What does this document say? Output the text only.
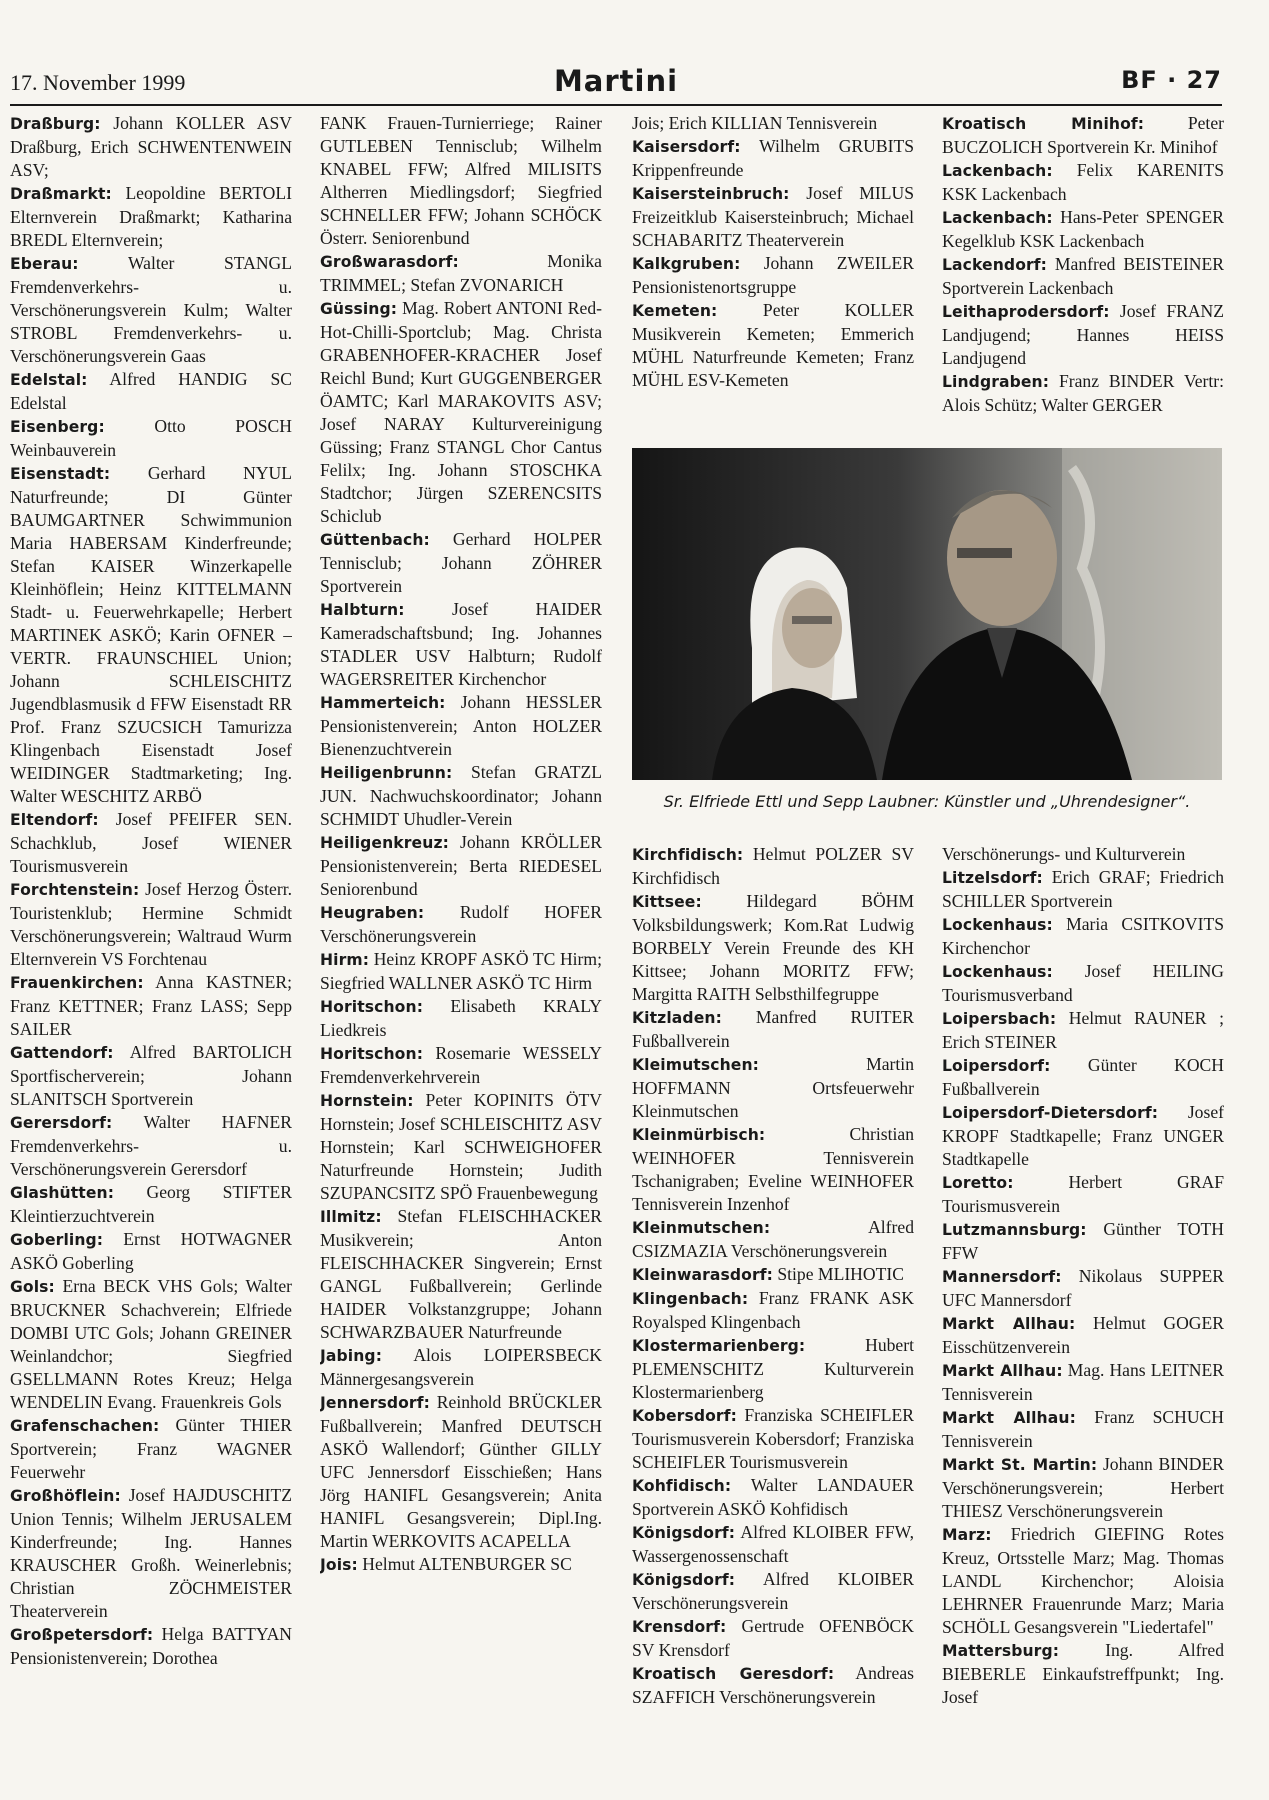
17. November 1999	Martini	BF · 27

Draßburg: Johann KOLLER ASV Draßburg, Erich SCHWENTENWEIN ASV;

Draßmarkt: Leopoldine BERTOLI Elternverein Draßmarkt; Katharina BREDL Elternverein;

Eberau: Walter STANGL Fremdenverkehrs- u. Verschönerungsverein Kulm; Walter STROBL Fremdenverkehrs- u. Verschönerungsverein Gaas

Edelstal: Alfred HANDIG SC Edelstal

Eisenberg: Otto POSCH Weinbauverein

Eisenstadt: Gerhard NYUL Naturfreunde; DI Günter BAUMGARTNER Schwimmunion Maria HABERSAM Kinderfreunde; Stefan KAISER Winzerkapelle Kleinhöflein; Heinz KITTELMANN Stadt- u. Feuerwehrkapelle; Herbert MARTINEK ASKÖ; Karin OFNER – VERTR. FRAUNSCHIEL Union; Johann SCHLEISCHITZ Jugendblasmusik d FFW Eisenstadt RR Prof. Franz SZUCSICH Tamurizza Klingenbach Eisenstadt Josef WEIDINGER Stadtmarketing; Ing. Walter WESCHITZ ARBÖ

Eltendorf: Josef PFEIFER SEN. Schachklub, Josef WIENER Tourismusverein

Forchtenstein: Josef Herzog Österr. Touristenklub; Hermine Schmidt Verschönerungsverein; Waltraud Wurm Elternverein VS Forchtenau

Frauenkirchen: Anna KASTNER; Franz KETTNER; Franz LASS; Sepp SAILER

Gattendorf: Alfred BARTOLICH Sportfischerverein; Johann SLANITSCH Sportverein

Gerersdorf: Walter HAFNER Fremdenverkehrs- u. Verschönerungsverein Gerersdorf

Glashütten: Georg STIFTER Kleintierzuchtverein

Goberling: Ernst HOTWAGNER ASKÖ Goberling

Gols: Erna BECK VHS Gols; Walter BRUCKNER Schachverein; Elfriede DOMBI UTC Gols; Johann GREINER Weinlandchor; Siegfried GSELLMANN Rotes Kreuz; Helga WENDELIN Evang. Frauenkreis Gols

Grafenschachen: Günter THIER Sportverein; Franz WAGNER Feuerwehr

Großhöflein: Josef HAJDUSCHITZ Union Tennis; Wilhelm JERUSALEM Kinderfreunde; Ing. Hannes KRAUSCHER Großh. Weinerlebnis; Christian ZÖCHMEISTER Theaterverein

Großpetersdorf: Helga BATTYAN Pensionistenverein; Dorothea

FANK Frauen-Turnierriege; Rainer GUTLEBEN Tennisclub; Wilhelm KNABEL FFW; Alfred MILISITS Altherren Miedlingsdorf; Siegfried SCHNELLER FFW; Johann SCHÖCK Österr. Seniorenbund

Großwarasdorf: Monika TRIMMEL; Stefan ZVONARICH

Güssing: Mag. Robert ANTONI Red-Hot-Chilli-Sportclub; Mag. Christa GRABENHOFER-KRACHER Josef Reichl Bund; Kurt GUGGENBERGER ÖAMTC; Karl MARAKOVITS ASV; Josef NARAY Kulturvereinigung Güssing; Franz STANGL Chor Cantus Felilx; Ing. Johann STOSCHKA Stadtchor; Jürgen SZERENCSITS Schiclub

Güttenbach: Gerhard HOLPER Tennisclub; Johann ZÖHRER Sportverein

Halbturn: Josef HAIDER Kameradschaftsbund; Ing. Johannes STADLER USV Halbturn; Rudolf WAGERSREITER Kirchenchor

Hammerteich: Johann HESSLER Pensionistenverein; Anton HOLZER Bienenzuchtverein

Heiligenbrunn: Stefan GRATZL JUN. Nachwuchskoordinator; Johann SCHMIDT Uhudler-Verein

Heiligenkreuz: Johann KRÖLLER Pensionistenverein; Berta RIEDESEL Seniorenbund

Heugraben: Rudolf HOFER Verschönerungsverein

Hirm: Heinz KROPF ASKÖ TC Hirm; Siegfried WALLNER ASKÖ TC Hirm

Horitschon: Elisabeth KRALY Liedkreis

Horitschon: Rosemarie WESSELY Fremdenverkehrverein

Hornstein: Peter KOPINITS ÖTV Hornstein; Josef SCHLEISCHITZ ASV Hornstein; Karl SCHWEIGHOFER Naturfreunde Hornstein; Judith SZUPANCSITZ SPÖ Frauenbewegung

Illmitz: Stefan FLEISCHHACKER Musikverein; Anton FLEISCHHACKER Singverein; Ernst GANGL Fußballverein; Gerlinde HAIDER Volkstanzgruppe; Johann SCHWARZBAUER Naturfreunde

Jabing: Alois LOIPERSBECK Männergesangsverein

Jennersdorf: Reinhold BRÜCKLER Fußballverein; Manfred DEUTSCH ASKÖ Wallendorf; Günther GILLY UFC Jennersdorf Eisschießen; Hans Jörg HANIFL Gesangsverein; Anita HANIFL Gesangsverein; Dipl.Ing. Martin WERKOVITS ACAPELLA

Jois: Helmut ALTENBURGER SC

Jois; Erich KILLIAN Tennisverein

Kaisersdorf: Wilhelm GRUBITS Krippenfreunde

Kaisersteinbruch: Josef MILUS Freizeitklub Kaisersteinbruch; Michael SCHABARITZ Theaterverein

Kalkgruben: Johann ZWEILER Pensionistenortsgruppe

Kemeten: Peter KOLLER Musikverein Kemeten; Emmerich MÜHL Naturfreunde Kemeten; Franz MÜHL ESV-Kemeten

Kroatisch Minihof: Peter BUCZOLICH Sportverein Kr. Minihof

Lackenbach: Felix KARENITS KSK Lackenbach

Lackenbach: Hans-Peter SPENGER Kegelklub KSK Lackenbach

Lackendorf: Manfred BEISTEINER Sportverein Lackenbach

Leithaprodersdorf: Josef FRANZ Landjugend; Hannes HEISS Landjugend

Lindgraben: Franz BINDER Vertr: Alois Schütz; Walter GERGER

Sr. Elfriede Ettl und Sepp Laubner: Künstler und „Uhrendesigner“.

Kirchfidisch: Helmut POLZER SV Kirchfidisch

Kittsee: Hildegard BÖHM Volksbildungswerk; Kom.Rat Ludwig BORBELY Verein Freunde des KH Kittsee; Johann MORITZ FFW; Margitta RAITH Selbsthilfegruppe

Kitzladen: Manfred RUITER Fußballverein

Kleimutschen: Martin HOFFMANN Ortsfeuerwehr Kleinmutschen

Kleinmürbisch: Christian WEINHOFER Tennisverein Tschanigraben; Eveline WEINHOFER Tennisverein Inzenhof

Kleinmutschen: Alfred CSIZMAZIA Verschönerungsverein

Kleinwarasdorf: Stipe MLIHOTIC

Klingenbach: Franz FRANK ASK Royalsped Klingenbach

Klostermarienberg: Hubert PLEMENSCHITZ Kulturverein Klostermarienberg

Kobersdorf: Franziska SCHEIFLER Tourismusverein Kobersdorf; Franziska SCHEIFLER Tourismusverein

Kohfidisch: Walter LANDAUER Sportverein ASKÖ Kohfidisch

Königsdorf: Alfred KLOIBER FFW, Wassergenossenschaft

Königsdorf: Alfred KLOIBER Verschönerungsverein

Krensdorf: Gertrude OFENBÖCK SV Krensdorf

Kroatisch Geresdorf: Andreas SZAFFICH Verschönerungsverein

Verschönerungs- und Kulturverein

Litzelsdorf: Erich GRAF; Friedrich SCHILLER Sportverein

Lockenhaus: Maria CSITKOVITS Kirchenchor

Lockenhaus: Josef HEILING Tourismusverband

Loipersbach: Helmut RAUNER ; Erich STEINER

Loipersdorf: Günter KOCH Fußballverein

Loipersdorf-Dietersdorf: Josef KROPF Stadtkapelle; Franz UNGER Stadtkapelle

Loretto: Herbert GRAF Tourismusverein

Lutzmannsburg: Günther TOTH FFW

Mannersdorf: Nikolaus SUPPER UFC Mannersdorf

Markt Allhau: Helmut GOGER Eisschützenverein

Markt Allhau: Mag. Hans LEITNER Tennisverein

Markt Allhau: Franz SCHUCH Tennisverein

Markt St. Martin: Johann BINDER Verschönerungsverein; Herbert THIESZ Verschönerungsverein

Marz: Friedrich GIEFING Rotes Kreuz, Ortsstelle Marz; Mag. Thomas LANDL Kirchenchor; Aloisia LEHRNER Frauenrunde Marz; Maria SCHÖLL Gesangsverein "Liedertafel"

Mattersburg: Ing. Alfred BIEBERLE Einkaufstreffpunkt; Ing. Josef
